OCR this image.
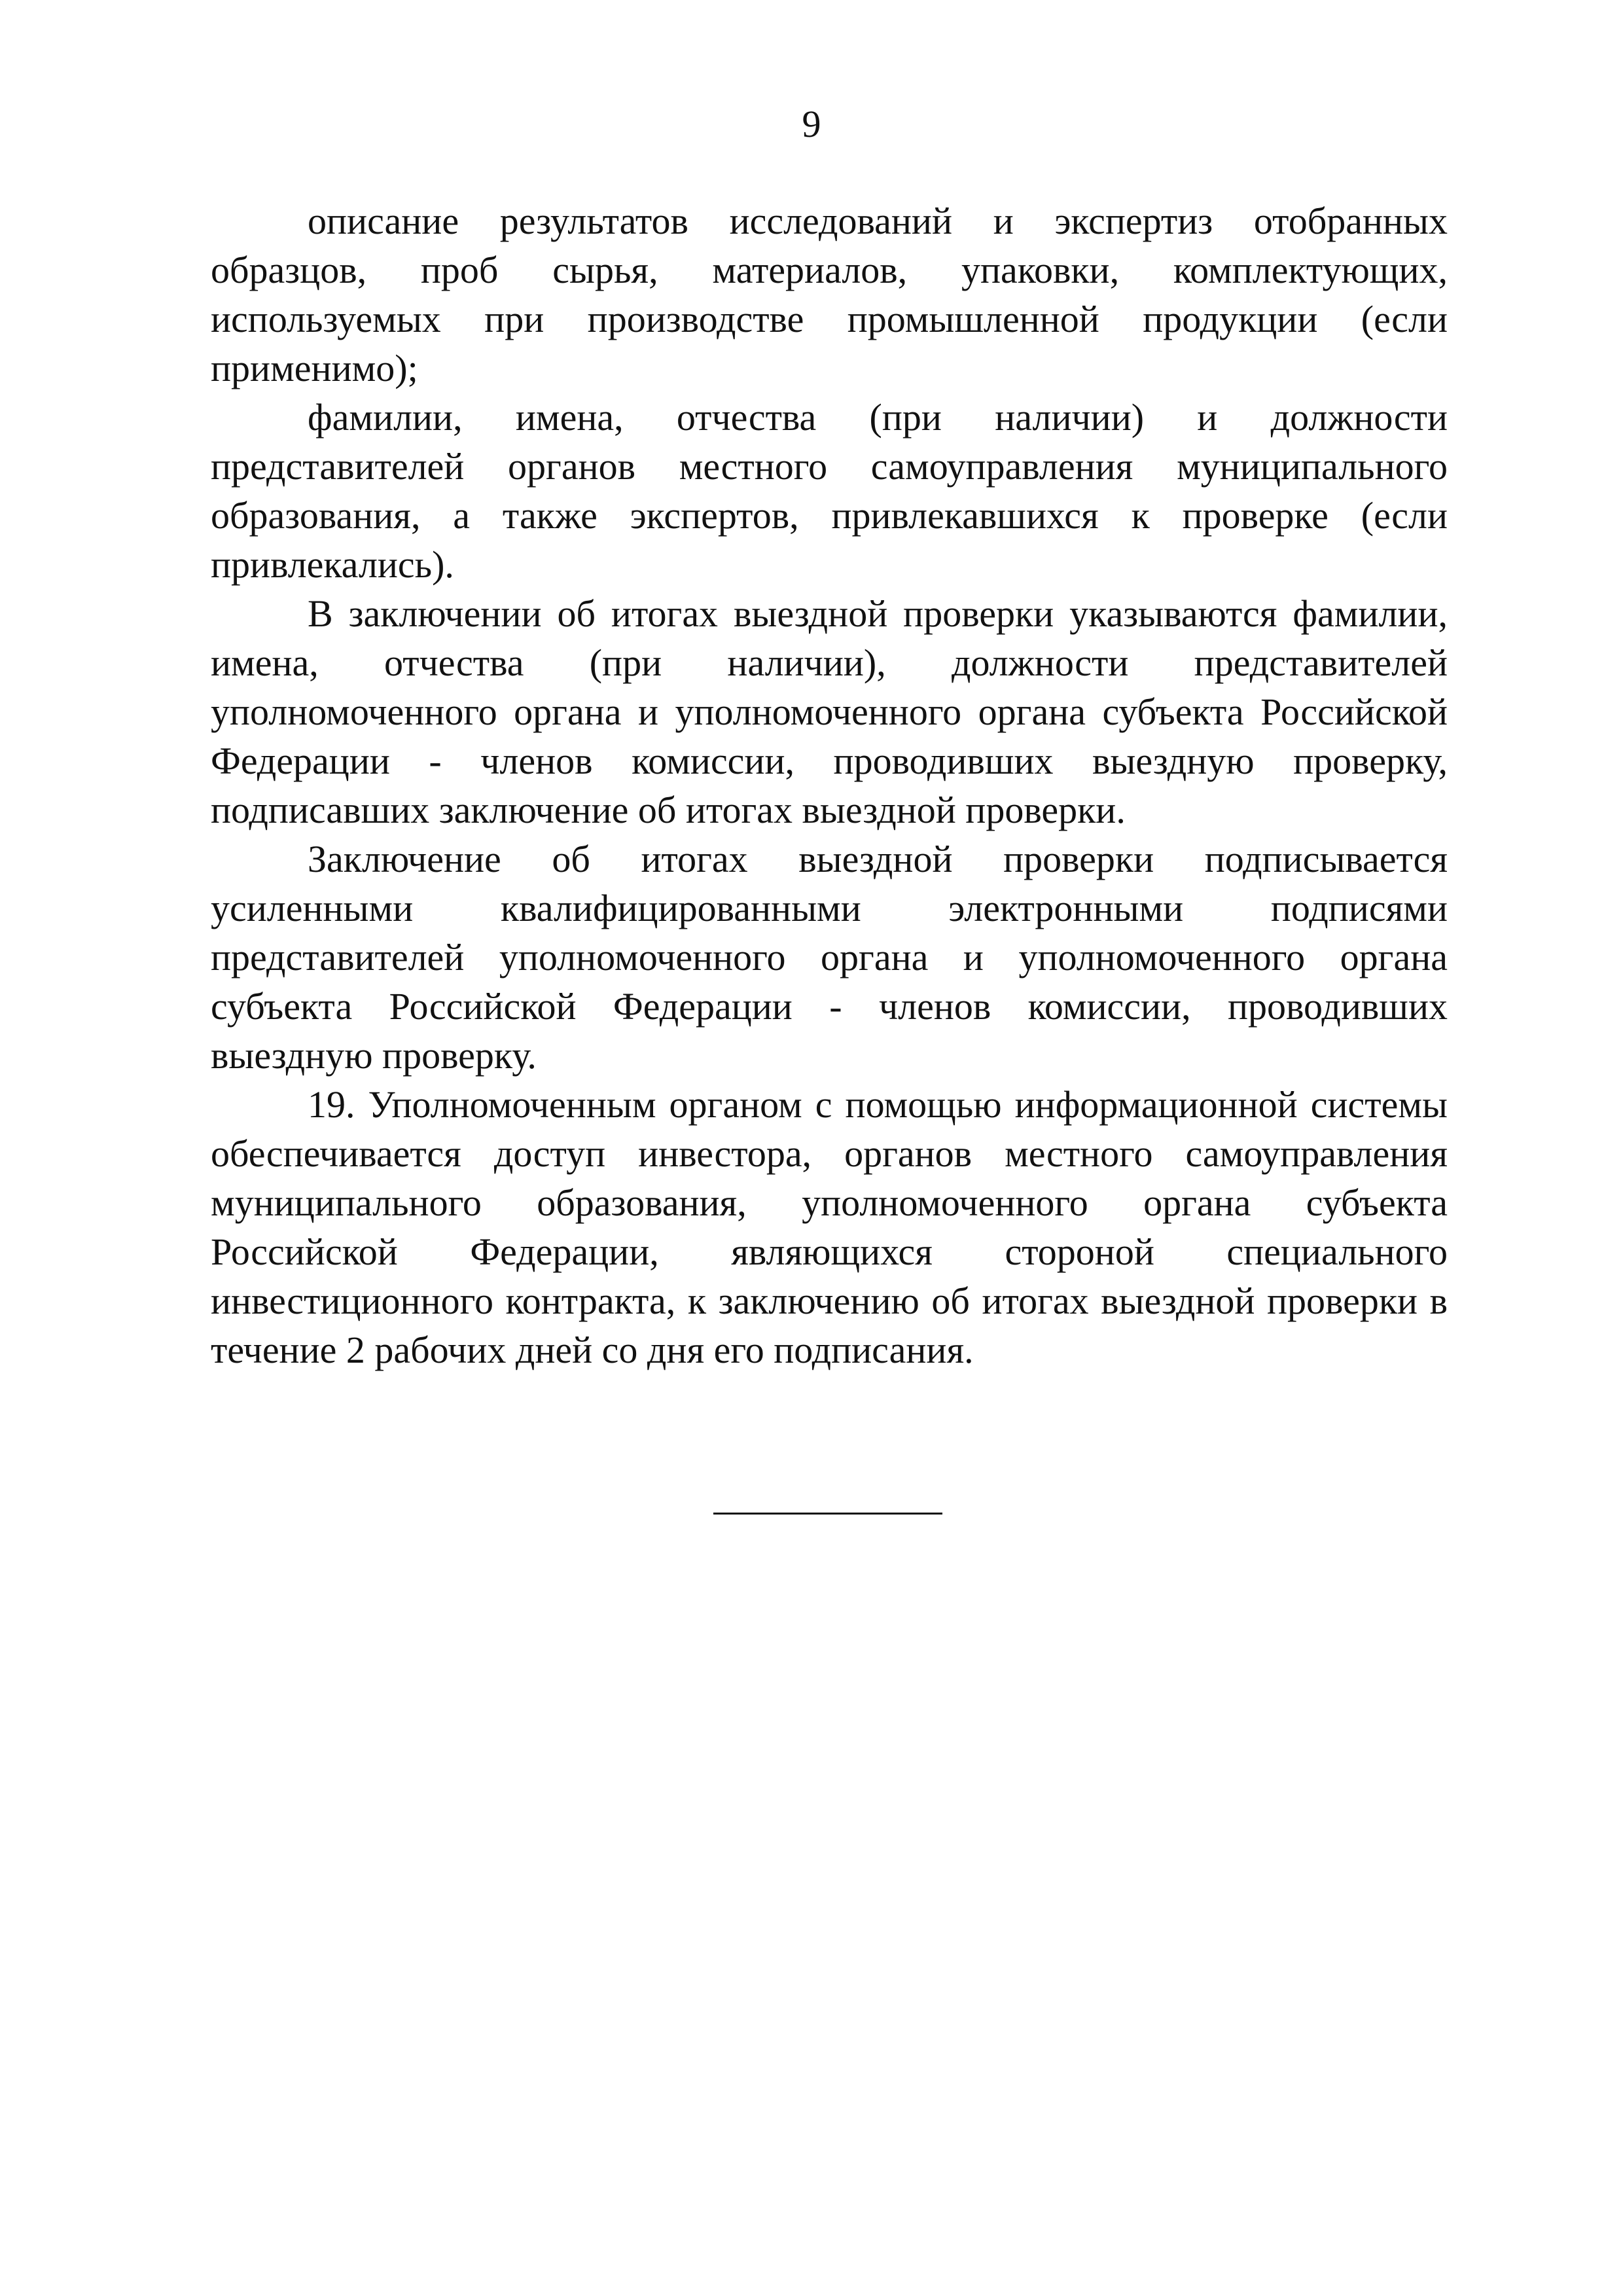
9

описание результатов исследований и экспертиз отобранных образцов, проб сырья, материалов, упаковки, комплектующих, используемых при производстве промышленной продукции (если применимо);

фамилии, имена, отчества (при наличии) и должности представителей органов местного самоуправления муниципального образования, а также экспертов, привлекавшихся к проверке (если привлекались).

В заключении об итогах выездной проверки указываются фамилии, имена, отчества (при наличии), должности представителей уполномоченного органа и уполномоченного органа субъекта Российской Федерации - членов комиссии, проводивших выездную проверку, подписавших заключение об итогах выездной проверки.

Заключение об итогах выездной проверки подписывается усиленными квалифицированными электронными подписями представителей уполномоченного органа и уполномоченного органа субъекта Российской Федерации - членов комиссии, проводивших выездную проверку.

19. Уполномоченным органом с помощью информационной системы обеспечивается доступ инвестора, органов местного самоуправления муниципального образования, уполномоченного органа субъекта Российской Федерации, являющихся стороной специального инвестиционного контракта, к заключению об итогах выездной проверки в течение 2 рабочих дней со дня его подписания.
